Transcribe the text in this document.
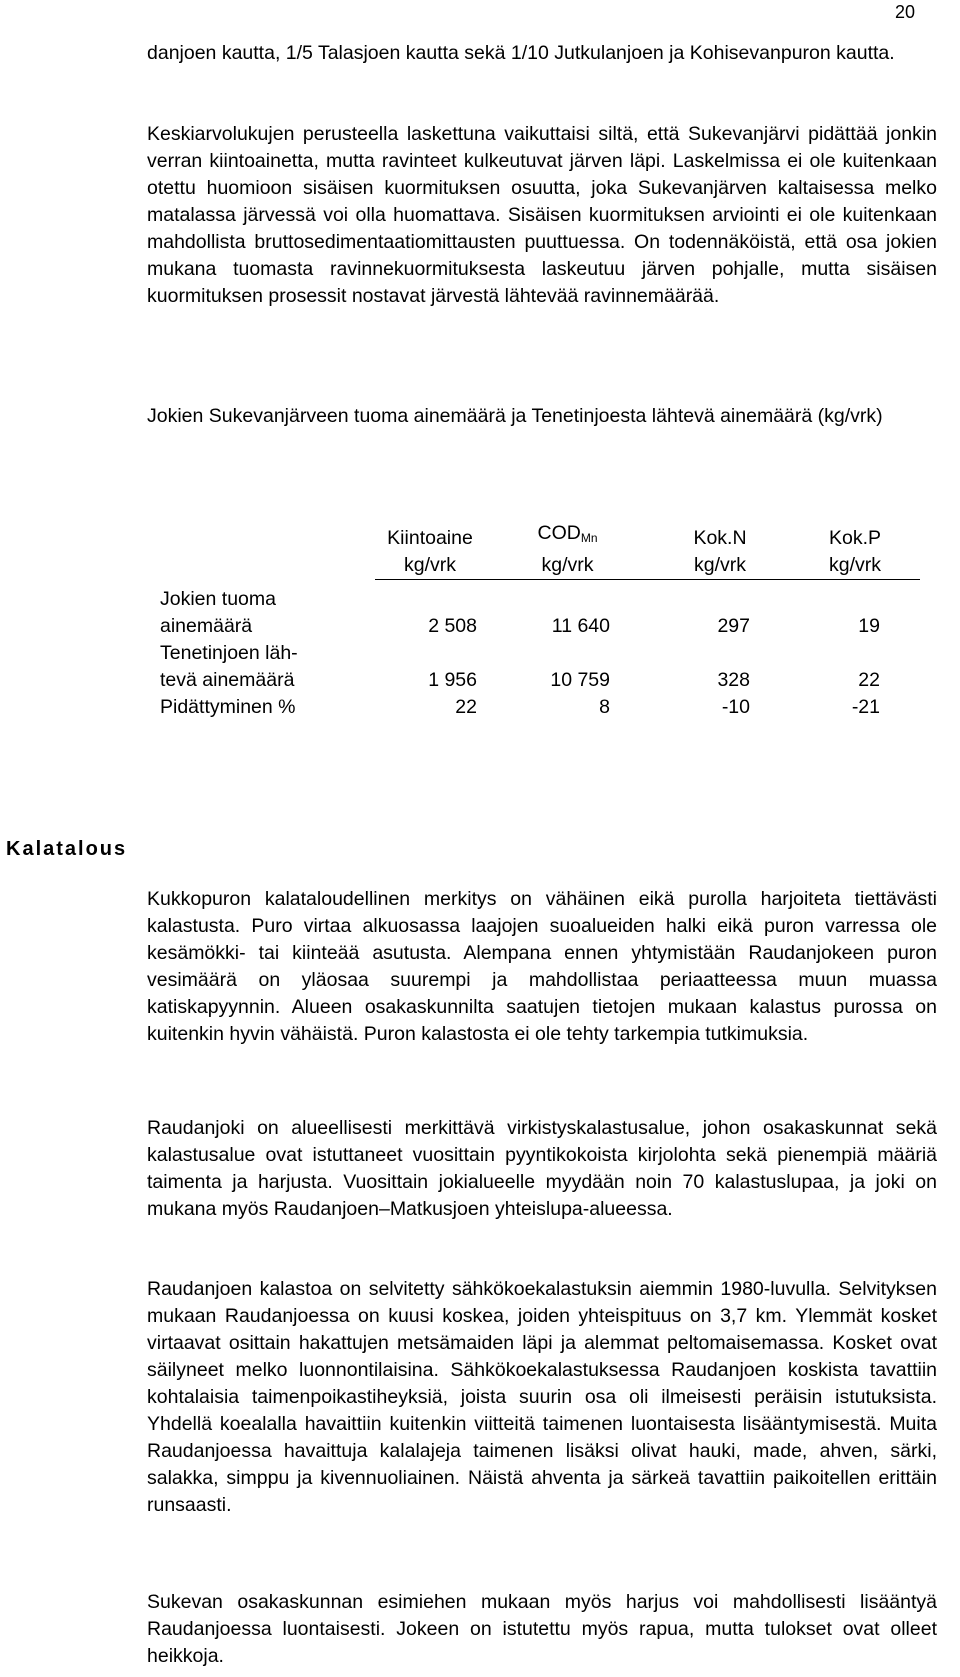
20

danjoen kautta, 1/5 Talasjoen kautta sekä 1/10 Jutkulanjoen ja Kohisevanpuron kautta.

Keskiarvolukujen perusteella laskettuna vaikuttaisi siltä, että Sukevanjärvi pidättää jonkin verran kiintoainetta, mutta ravinteet kulkeutuvat järven läpi. Laskelmissa ei ole kuitenkaan otettu huomioon sisäisen kuormituksen osuutta, joka Sukevanjärven kaltaisessa melko matalassa järvessä voi olla huomattava. Sisäisen kuormituksen arviointi ei ole kuitenkaan mahdollista bruttosedimentaatiomittausten puuttuessa. On todennäköistä, että osa jokien mukana tuomasta ravinnekuormituksesta laskeutuu järven pohjalle, mutta sisäisen kuormituksen prosessit nostavat järvestä lähtevää ravinnemäärää.

Jokien Sukevanjärveen tuoma ainemäärä ja Tenetinjoesta lähtevä ainemäärä (kg/vrk)

	Kiintoaine	$COD_{Mn}$	Kok.N	Kok.P
	kg/vrk	kg/vrk	kg/vrk	kg/vrk
Jokien tuoma
ainemäärä	2 508	11 640	297	19
Tenetinjoen läh-
tevä ainemäärä	1 956	10 759	328	22
Pidättyminen %	22	8	-10	-21
Kalatalous

Kukkopuron kalataloudellinen merkitys on vähäinen eikä purolla harjoiteta tiettävästi kalastusta. Puro virtaa alkuosassa laajojen suoalueiden halki eikä puron varressa ole kesämökki- tai kiinteää asutusta. Alempana ennen yhtymistään Raudanjokeen puron vesimäärä on yläosaa suurempi ja mahdollistaa periaatteessa muun muassa katiskapyynnin. Alueen osakaskunnilta saatujen tietojen mukaan kalastus purossa on kuitenkin hyvin vähäistä. Puron kalastosta ei ole tehty tarkempia tutkimuksia.

Raudanjoki on alueellisesti merkittävä virkistyskalastusalue, johon osakaskunnat sekä kalastusalue ovat istuttaneet vuosittain pyyntikokoista kirjolohta sekä pienempiä määriä taimenta ja harjusta. Vuosittain jokialueelle myydään noin 70 kalastuslupaa, ja joki on mukana myös Raudanjoen–Matkusjoen yhteislupa-alueessa.

Raudanjoen kalastoa on selvitetty sähkökoekalastuksin aiemmin 1980-luvulla. Selvityksen mukaan Raudanjoessa on kuusi koskea, joiden yhteispituus on 3,7 km. Ylemmät kosket virtaavat osittain hakattujen metsämaiden läpi ja alemmat peltomaisemassa. Kosket ovat säilyneet melko luonnontilaisina. Sähkökoekalastuksessa Raudanjoen koskista tavattiin kohtalaisia taimenpoikastiheyksiä, joista suurin osa oli ilmeisesti peräisin istutuksista. Yhdellä koealalla havaittiin kuitenkin viitteitä taimenen luontaisesta lisääntymisestä. Muita Raudanjoessa havaittuja kalalajeja taimenen lisäksi olivat hauki, made, ahven, särki, salakka, simppu ja kivennuoliainen. Näistä ahventa ja särkeä tavattiin paikoitellen erittäin runsaasti.

Sukevan osakaskunnan esimiehen mukaan myös harjus voi mahdollisesti lisääntyä Raudanjoessa luontaisesti. Jokeen on istutettu myös rapua, mutta tulokset ovat olleet heikkoja.
